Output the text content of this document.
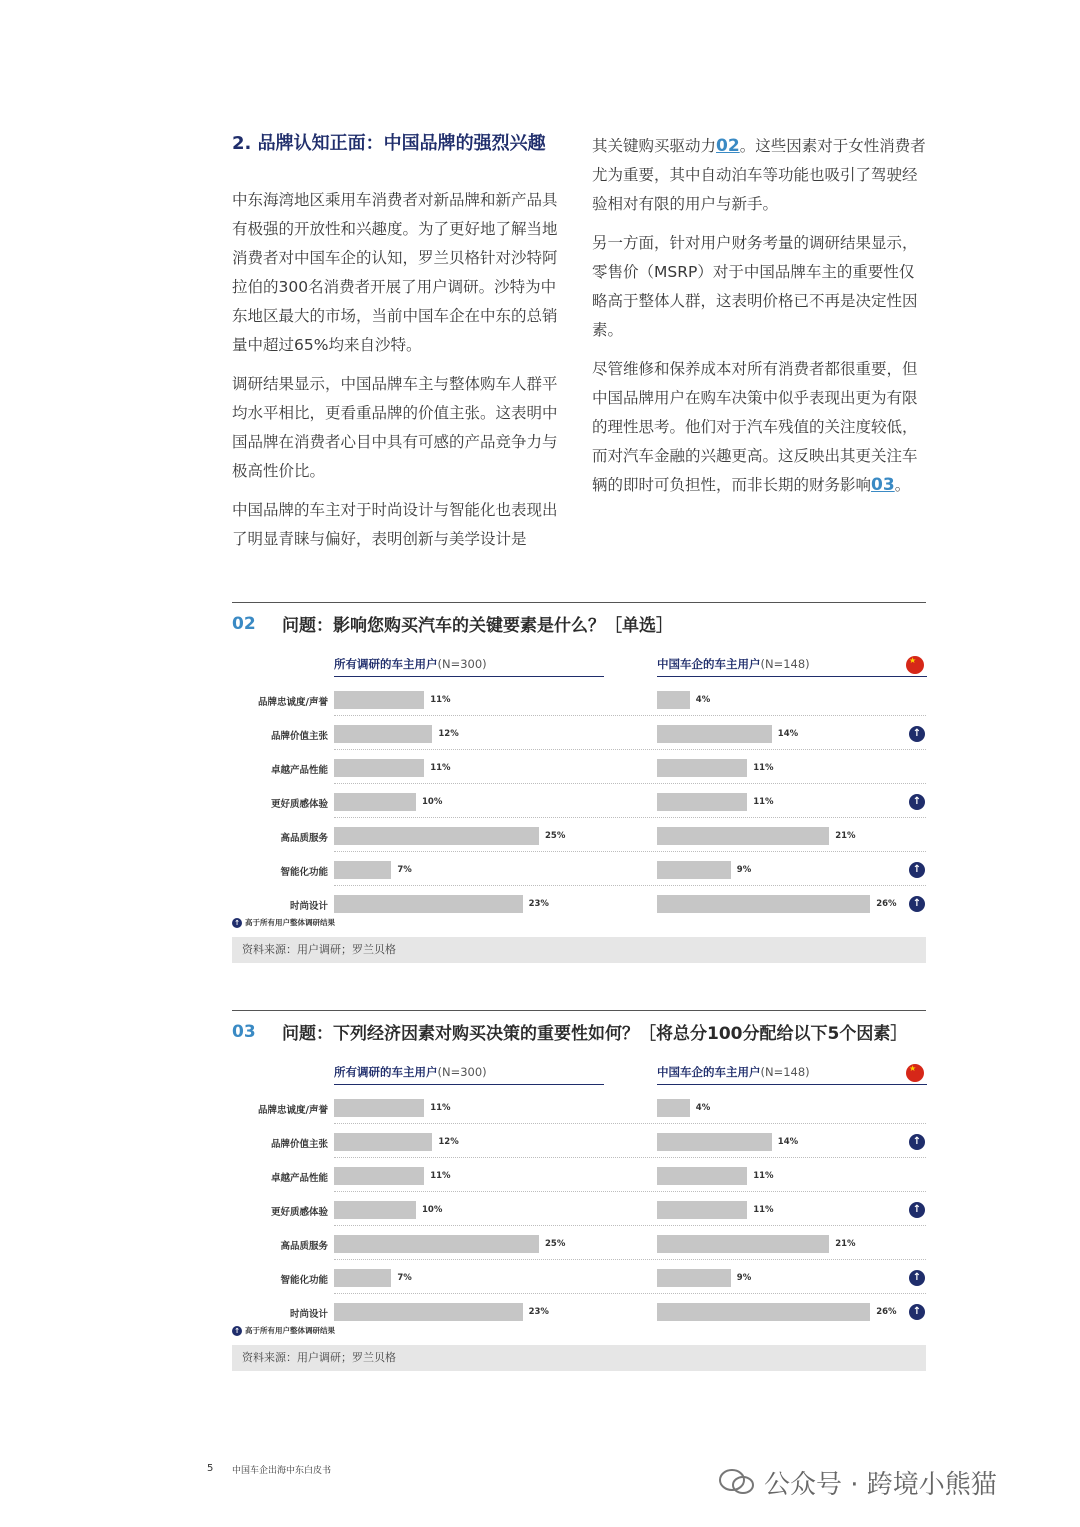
2. 品牌认知正面：中国品牌的强烈兴趣

中东海湾地区乘用车消费者对新品牌和新产品具有极强的开放性和兴趣度。为了更好地了解当地消费者对中国车企的认知，罗兰贝格针对沙特阿拉伯的300名消费者开展了用户调研。沙特为中东地区最大的市场，当前中国车企在中东的总销量中超过65%均来自沙特。

调研结果显示，中国品牌车主与整体购车人群平均水平相比，更看重品牌的价值主张。这表明中国品牌在消费者心目中具有可感的产品竞争力与极高性价比。

中国品牌的车主对于时尚设计与智能化也表现出了明显青睐与偏好，表明创新与美学设计是

其关键购买驱动力02。这些因素对于女性消费者尤为重要，其中自动泊车等功能也吸引了驾驶经验相对有限的用户与新手。

另一方面，针对用户财务考量的调研结果显示，零售价（MSRP）对于中国品牌车主的重要性仅略高于整体人群，这表明价格已不再是决定性因素。

尽管维修和保养成本对所有消费者都很重要，但中国品牌用户在购车决策中似乎表现出更为有限的理性思考。他们对于汽车残值的关注度较低，而对汽车金融的兴趣更高。这反映出其更关注车辆的即时可负担性，而非长期的财务影响03。

02 问题：影响您购买汽车的关键要素是什么？［单选］
所有调研的车主用户(N=300)	中国车企的车主用户(N=148)
★
品牌忠诚度/声誉	11%	4%
品牌价值主张	12%	14%	↑
卓越产品性能	11%	11%
更好质感体验	10%	11%	↑
高品质服务	25%	21%
智能化功能	7%	9%	↑
时尚设计	23%	26%	↑
↑ 高于所有用户整体调研结果
资料来源：用户调研；罗兰贝格
03 问题：下列经济因素对购买决策的重要性如何？［将总分100分配给以下5个因素］
所有调研的车主用户(N=300)	中国车企的车主用户(N=148)
★
品牌忠诚度/声誉	11%	4%
品牌价值主张	12%	14%	↑
卓越产品性能	11%	11%
更好质感体验	10%	11%	↑
高品质服务	25%	21%
智能化功能	7%	9%	↑
时尚设计	23%	26%	↑
↑ 高于所有用户整体调研结果
资料来源：用户调研；罗兰贝格
5 中国车企出海中东白皮书	公众号 · 跨境小熊猫
